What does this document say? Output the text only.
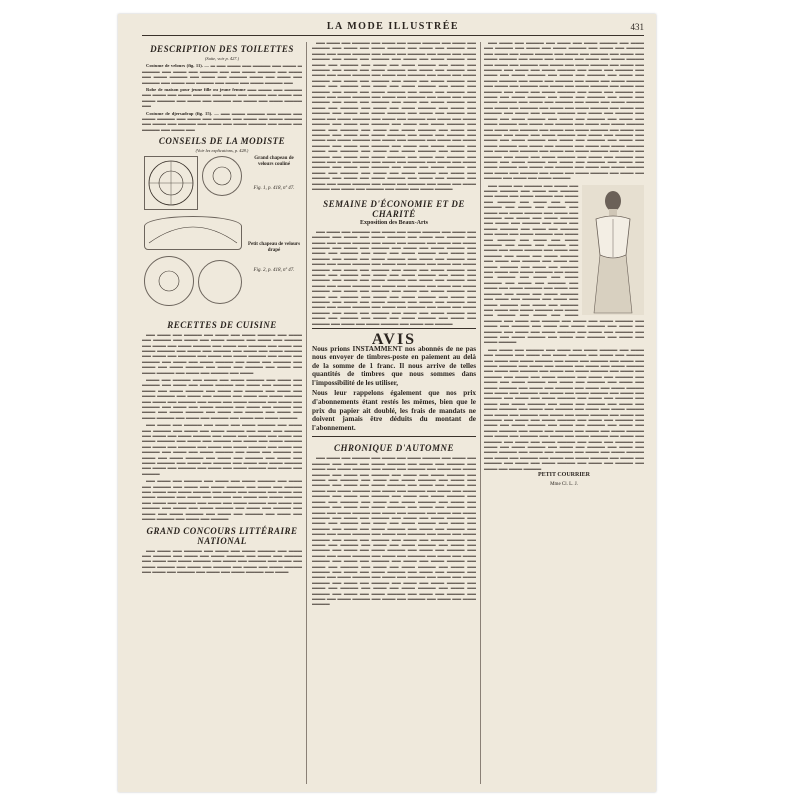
LA MODE ILLUSTRÉE	431
DESCRIPTION DES TOILETTES
(Suite, voir p. 427.)
Costume de velours (fig. 11). — ▬ ▬▬ ▬▬▬ ▬▬ ▬▬▬▬ ▬▬ ▬▬▬ ▬ ▬▬▬▬ ▬▬ ▬▬▬ ▬▬ ▬▬▬▬ ▬▬ ▬▬ ▬▬▬ ▬▬▬▬ ▬▬ ▬▬▬ ▬▬ ▬▬▬ ▬▬▬▬ ▬▬ ▬▬▬ ▬▬ ▬▬▬▬ ▬▬▬ ▬▬ ▬▬▬ ▬▬ ▬▬▬▬ ▬▬ ▬▬▬ ▬▬ ▬▬▬▬ ▬▬ ▬▬▬ ▬▬ ▬▬▬ ▬▬▬▬ ▬▬
Robe de maison pour jeune fille ou jeune femme ▬▬ ▬▬▬ ▬▬ ▬▬▬▬ ▬▬ ▬▬▬ ▬▬ ▬▬▬ ▬▬▬▬ ▬▬ ▬▬▬ ▬▬ ▬▬▬▬ ▬▬ ▬▬▬ ▬▬ ▬▬▬ ▬▬▬▬ ▬▬ ▬▬▬ ▬▬ ▬▬▬▬ ▬▬ ▬▬▬ ▬▬ ▬▬▬ ▬▬▬▬ ▬▬
Costume de djersadrap (fig. 15). — ▬▬ ▬▬▬ ▬▬▬▬ ▬▬ ▬▬▬ ▬▬ ▬▬▬ ▬▬▬▬ ▬▬ ▬▬▬ ▬▬ ▬▬▬▬ ▬▬ ▬▬▬ ▬▬ ▬▬▬ ▬▬▬▬ ▬▬ ▬▬▬ ▬▬ ▬▬▬▬ ▬▬ ▬▬▬ ▬▬ ▬▬▬ ▬▬▬▬ ▬▬ ▬▬▬ ▬▬ ▬▬▬▬ ▬▬ ▬▬▬ ▬▬
CONSEILS DE LA MODISTE
(Voir les explications, p. 428.)
Grand chapeau de velours couliné
Fig. 1, p. 418, nº 47.
Petit chapeau de velours drapé
Fig. 2, p. 418, nº 47.
RECETTES DE CUISINE
▬▬ ▬▬▬ ▬▬ ▬▬▬▬ ▬▬ ▬▬▬ ▬▬ ▬▬▬ ▬▬▬▬ ▬▬ ▬▬▬ ▬▬ ▬▬▬▬ ▬▬ ▬▬▬ ▬▬ ▬▬▬ ▬▬▬▬ ▬▬ ▬▬▬ ▬▬ ▬▬▬▬ ▬▬ ▬▬▬ ▬▬ ▬▬▬ ▬▬▬▬ ▬▬ ▬▬▬ ▬▬ ▬▬▬▬ ▬▬ ▬▬▬ ▬▬ ▬▬▬ ▬▬▬▬ ▬▬ ▬▬▬ ▬▬ ▬▬▬▬ ▬▬ ▬▬▬ ▬▬ ▬▬▬ ▬▬▬▬ ▬▬ ▬▬▬ ▬▬ ▬▬▬▬ ▬▬ ▬▬▬ ▬▬ ▬▬▬ ▬▬▬▬ ▬▬ ▬▬▬ ▬▬ ▬▬▬▬ ▬▬ ▬▬▬ ▬▬ ▬▬▬ ▬▬▬▬ ▬▬ ▬▬▬ ▬▬ ▬▬▬▬ ▬▬ ▬▬▬ ▬▬ ▬▬▬ ▬▬▬▬ ▬▬ ▬▬▬ ▬▬ ▬▬▬▬ ▬▬ ▬▬▬ ▬▬ ▬▬▬ ▬▬▬▬ ▬▬ ▬▬▬ ▬▬ ▬▬▬▬ ▬▬ ▬▬▬
▬▬▬ ▬▬ ▬▬▬▬ ▬▬ ▬▬▬ ▬▬ ▬▬▬ ▬▬▬▬ ▬▬ ▬▬▬ ▬▬ ▬▬▬▬ ▬▬ ▬▬▬ ▬▬ ▬▬▬ ▬▬▬▬ ▬▬ ▬▬▬ ▬▬ ▬▬▬▬ ▬▬ ▬▬▬ ▬▬ ▬▬▬ ▬▬▬▬ ▬▬ ▬▬▬ ▬▬ ▬▬▬▬ ▬▬ ▬▬▬ ▬▬ ▬▬▬ ▬▬▬▬ ▬▬ ▬▬▬ ▬▬ ▬▬▬▬ ▬▬ ▬▬▬ ▬▬ ▬▬▬ ▬▬▬▬ ▬▬ ▬▬▬ ▬▬ ▬▬▬▬ ▬▬ ▬▬▬ ▬▬ ▬▬▬ ▬▬▬▬ ▬▬ ▬▬▬ ▬▬ ▬▬▬▬ ▬▬ ▬▬▬ ▬▬ ▬▬▬ ▬▬▬▬ ▬▬ ▬▬▬ ▬▬ ▬▬▬▬ ▬▬ ▬▬▬ ▬▬ ▬▬▬ ▬▬▬▬ ▬▬ ▬▬▬ ▬▬ ▬▬▬▬ ▬▬ ▬▬▬ ▬▬ ▬▬▬ ▬▬▬▬ ▬▬ ▬▬▬ ▬▬ ▬▬▬▬ ▬▬ ▬▬▬ ▬▬ ▬▬▬ ▬▬▬▬
▬▬ ▬▬▬ ▬▬ ▬▬▬▬ ▬▬ ▬▬▬ ▬▬ ▬▬▬ ▬▬▬▬ ▬▬ ▬▬▬ ▬▬ ▬▬▬▬ ▬▬ ▬▬▬ ▬▬ ▬▬▬ ▬▬▬▬ ▬▬ ▬▬▬ ▬▬ ▬▬▬▬ ▬▬ ▬▬▬ ▬▬ ▬▬▬ ▬▬▬▬ ▬▬ ▬▬▬ ▬▬ ▬▬▬▬ ▬▬ ▬▬▬ ▬▬ ▬▬▬ ▬▬▬▬ ▬▬ ▬▬▬ ▬▬ ▬▬▬▬ ▬▬ ▬▬▬ ▬▬ ▬▬▬ ▬▬▬▬ ▬▬ ▬▬▬ ▬▬ ▬▬▬▬ ▬▬ ▬▬▬ ▬▬ ▬▬▬ ▬▬▬▬ ▬▬ ▬▬▬ ▬▬ ▬▬▬▬ ▬▬ ▬▬▬ ▬▬ ▬▬▬ ▬▬▬▬ ▬▬ ▬▬▬ ▬▬ ▬▬▬▬ ▬▬ ▬▬▬ ▬▬ ▬▬▬ ▬▬▬▬ ▬▬ ▬▬▬ ▬▬ ▬▬▬▬ ▬▬ ▬▬▬ ▬▬ ▬▬▬ ▬▬▬▬ ▬▬ ▬▬▬ ▬▬ ▬▬▬▬ ▬▬ ▬▬▬ ▬▬ ▬▬▬ ▬▬▬▬ ▬▬ ▬▬▬ ▬▬ ▬▬▬▬ ▬▬ ▬▬▬ ▬▬ ▬▬▬ ▬▬▬▬ ▬▬ ▬▬▬ ▬▬ ▬▬▬▬
▬▬ ▬▬▬ ▬▬ ▬▬▬▬ ▬▬ ▬▬▬ ▬▬ ▬▬▬ ▬▬▬▬ ▬▬ ▬▬▬ ▬▬ ▬▬▬▬ ▬▬ ▬▬▬ ▬▬ ▬▬▬ ▬▬▬▬ ▬▬ ▬▬▬ ▬▬ ▬▬▬▬ ▬▬ ▬▬▬ ▬▬ ▬▬▬ ▬▬▬▬ ▬▬ ▬▬▬ ▬▬ ▬▬▬▬ ▬▬ ▬▬▬ ▬▬ ▬▬▬ ▬▬▬▬ ▬▬ ▬▬▬ ▬▬ ▬▬▬▬ ▬▬ ▬▬▬ ▬▬ ▬▬▬ ▬▬▬▬ ▬▬ ▬▬▬ ▬▬ ▬▬▬▬ ▬▬ ▬▬▬ ▬▬ ▬▬▬ ▬▬▬▬ ▬▬ ▬▬▬ ▬▬ ▬▬▬▬ ▬▬ ▬▬▬ ▬▬ ▬▬▬ ▬▬▬▬ ▬▬ ▬▬▬ ▬▬ ▬▬▬▬ ▬▬ ▬▬▬ ▬▬ ▬▬▬ ▬▬▬▬ ▬▬ ▬▬▬ ▬▬ ▬▬▬▬ ▬▬ ▬▬▬ ▬▬ ▬▬▬ ▬▬▬▬ ▬▬ ▬▬▬ ▬▬ ▬▬▬▬
GRAND CONCOURS LITTÉRAIRE NATIONAL
▬▬ ▬▬▬ ▬▬ ▬▬▬▬ ▬▬ ▬▬▬ ▬▬ ▬▬▬ ▬▬▬▬ ▬▬ ▬▬▬ ▬▬ ▬▬▬▬ ▬▬ ▬▬▬ ▬▬ ▬▬▬ ▬▬▬▬ ▬▬ ▬▬▬ ▬▬ ▬▬▬▬ ▬▬ ▬▬▬ ▬▬ ▬▬▬ ▬▬▬▬ ▬▬ ▬▬▬ ▬▬ ▬▬▬▬ ▬▬ ▬▬▬ ▬▬ ▬▬▬ ▬▬▬▬ ▬▬ ▬▬▬ ▬▬ ▬▬▬▬ ▬▬ ▬▬▬ ▬▬ ▬▬▬ ▬▬▬▬ ▬▬ ▬▬▬ ▬▬ ▬▬▬▬ ▬▬ ▬▬▬ ▬▬ ▬▬▬ ▬▬▬▬ ▬▬ ▬▬▬
▬▬ ▬▬▬ ▬▬ ▬▬▬▬ ▬▬ ▬▬▬ ▬▬ ▬▬▬ ▬▬▬▬ ▬▬ ▬▬▬ ▬▬ ▬▬▬▬ ▬▬ ▬▬▬ ▬▬ ▬▬▬ ▬▬▬▬ ▬▬ ▬▬▬ ▬▬ ▬▬▬▬ ▬▬ ▬▬▬ ▬▬ ▬▬▬ ▬▬▬▬ ▬▬ ▬▬▬ ▬▬ ▬▬▬▬ ▬▬ ▬▬▬ ▬▬ ▬▬▬ ▬▬▬▬ ▬▬ ▬▬▬ ▬▬ ▬▬▬▬ ▬▬ ▬▬▬ ▬▬ ▬▬▬ ▬▬▬▬ ▬▬ ▬▬▬ ▬▬ ▬▬▬▬ ▬▬ ▬▬▬ ▬▬ ▬▬▬ ▬▬▬▬ ▬▬ ▬▬▬ ▬▬ ▬▬▬▬ ▬▬ ▬▬▬ ▬▬ ▬▬▬ ▬▬▬▬ ▬▬ ▬▬▬ ▬▬ ▬▬▬▬ ▬▬ ▬▬▬ ▬▬ ▬▬▬ ▬▬▬▬ ▬▬ ▬▬▬ ▬▬ ▬▬▬▬ ▬▬ ▬▬▬ ▬▬ ▬▬▬ ▬▬▬▬ ▬▬ ▬▬▬ ▬▬ ▬▬▬▬ ▬▬ ▬▬▬ ▬▬ ▬▬▬ ▬▬▬▬ ▬▬ ▬▬▬ ▬▬ ▬▬▬▬ ▬▬ ▬▬▬ ▬▬ ▬▬▬ ▬▬▬▬ ▬▬ ▬▬▬ ▬▬ ▬▬▬▬ ▬▬ ▬▬▬ ▬▬ ▬▬▬ ▬▬▬▬ ▬▬ ▬▬▬ ▬▬ ▬▬▬▬ ▬▬ ▬▬▬ ▬▬ ▬▬▬ ▬▬▬▬ ▬▬ ▬▬▬ ▬▬ ▬▬▬▬ ▬▬ ▬▬▬ ▬▬ ▬▬▬ ▬▬▬▬ ▬▬ ▬▬▬ ▬▬ ▬▬▬▬ ▬▬ ▬▬▬ ▬▬ ▬▬▬ ▬▬▬▬ ▬▬ ▬▬▬ ▬▬ ▬▬▬▬ ▬▬ ▬▬▬ ▬▬ ▬▬▬ ▬▬▬▬ ▬▬ ▬▬▬ ▬▬ ▬▬▬▬ ▬▬ ▬▬▬ ▬▬ ▬▬▬ ▬▬▬▬ ▬▬ ▬▬▬ ▬▬ ▬▬▬▬ ▬▬ ▬▬▬ ▬▬ ▬▬▬ ▬▬▬▬ ▬▬ ▬▬▬ ▬▬ ▬▬▬▬ ▬▬ ▬▬▬ ▬▬ ▬▬▬ ▬▬▬▬ ▬▬ ▬▬▬ ▬▬ ▬▬▬▬ ▬▬ ▬▬▬ ▬▬ ▬▬▬ ▬▬▬▬ ▬▬ ▬▬▬ ▬▬ ▬▬▬▬ ▬▬ ▬▬▬ ▬▬ ▬▬▬ ▬▬▬▬ ▬▬ ▬▬▬ ▬▬ ▬▬▬▬ ▬▬ ▬▬▬ ▬▬ ▬▬▬ ▬▬▬▬ ▬▬ ▬▬▬ ▬▬ ▬▬▬▬ ▬▬ ▬▬▬ ▬▬ ▬▬▬ ▬▬▬▬ ▬▬ ▬▬▬ ▬▬ ▬▬▬▬ ▬▬ ▬▬▬ ▬▬ ▬▬▬ ▬▬▬▬ ▬▬ ▬▬▬ ▬▬ ▬▬▬▬ ▬▬ ▬▬▬ ▬▬ ▬▬▬ ▬▬▬▬ ▬▬ ▬▬▬ ▬▬ ▬▬▬▬ ▬▬ ▬▬▬ ▬▬ ▬▬▬ ▬▬▬▬ ▬▬ ▬▬▬ ▬▬ ▬▬▬▬ ▬▬ ▬▬▬ ▬▬ ▬▬▬ ▬▬▬▬ ▬▬ ▬▬▬ ▬▬ ▬▬▬▬ ▬▬ ▬▬▬ ▬▬ ▬▬▬ ▬▬▬▬ ▬▬ ▬▬▬ ▬▬ ▬▬▬▬ ▬▬ ▬▬▬ ▬▬ ▬▬▬ ▬▬▬▬ ▬▬ ▬▬▬ ▬▬ ▬▬▬▬ ▬▬ ▬▬▬ ▬▬ ▬▬▬ ▬▬▬▬ ▬▬ ▬▬▬ ▬▬ ▬▬▬▬ ▬▬ ▬▬▬ ▬▬ ▬▬▬ ▬▬▬▬ ▬▬ ▬▬▬ ▬▬ ▬▬▬▬ ▬▬ ▬▬▬ ▬▬ ▬▬▬ ▬▬▬▬ ▬▬ ▬▬▬ ▬▬ ▬▬▬▬ ▬▬ ▬▬▬ ▬▬ ▬▬▬ ▬▬▬▬ ▬▬ ▬▬▬ ▬▬ ▬▬▬▬ ▬▬ ▬▬▬ ▬▬ ▬▬▬ ▬▬▬▬ ▬▬ ▬▬▬ ▬▬ ▬▬▬▬ ▬▬ ▬▬▬ ▬▬ ▬▬▬ ▬▬▬▬
SEMAINE D'ÉCONOMIE ET DE CHARITÉ
Exposition des Beaux-Arts
▬▬ ▬▬▬ ▬▬ ▬▬▬▬ ▬▬ ▬▬▬ ▬▬ ▬▬▬ ▬▬▬▬ ▬▬ ▬▬▬ ▬▬ ▬▬▬▬ ▬▬ ▬▬▬ ▬▬ ▬▬▬ ▬▬▬▬ ▬▬ ▬▬▬ ▬▬ ▬▬▬▬ ▬▬ ▬▬▬ ▬▬ ▬▬▬ ▬▬▬▬ ▬▬ ▬▬▬ ▬▬ ▬▬▬▬ ▬▬ ▬▬▬ ▬▬ ▬▬▬ ▬▬▬▬ ▬▬ ▬▬▬ ▬▬ ▬▬▬▬ ▬▬ ▬▬▬ ▬▬ ▬▬▬ ▬▬▬▬ ▬▬ ▬▬▬ ▬▬ ▬▬▬▬ ▬▬ ▬▬▬ ▬▬ ▬▬▬ ▬▬▬▬ ▬▬ ▬▬▬ ▬▬ ▬▬▬▬ ▬▬ ▬▬▬ ▬▬ ▬▬▬ ▬▬▬▬ ▬▬ ▬▬▬ ▬▬ ▬▬▬▬ ▬▬ ▬▬▬ ▬▬ ▬▬▬ ▬▬▬▬ ▬▬ ▬▬▬ ▬▬ ▬▬▬▬ ▬▬ ▬▬▬ ▬▬ ▬▬▬ ▬▬▬▬ ▬▬ ▬▬▬ ▬▬ ▬▬▬▬ ▬▬ ▬▬▬ ▬▬ ▬▬▬ ▬▬▬▬ ▬▬ ▬▬▬ ▬▬ ▬▬▬▬ ▬▬ ▬▬▬ ▬▬ ▬▬▬ ▬▬▬▬ ▬▬ ▬▬▬ ▬▬ ▬▬▬▬ ▬▬ ▬▬▬ ▬▬ ▬▬▬ ▬▬▬▬ ▬▬ ▬▬▬ ▬▬ ▬▬▬▬ ▬▬ ▬▬▬ ▬▬ ▬▬▬ ▬▬▬▬ ▬▬ ▬▬▬ ▬▬ ▬▬▬▬ ▬▬ ▬▬▬ ▬▬ ▬▬▬ ▬▬▬▬ ▬▬ ▬▬▬ ▬▬ ▬▬▬▬ ▬▬ ▬▬▬ ▬▬ ▬▬▬ ▬▬▬▬ ▬▬ ▬▬▬ ▬▬ ▬▬▬▬ ▬▬ ▬▬▬ ▬▬ ▬▬▬ ▬▬▬▬ ▬▬ ▬▬▬ ▬▬ ▬▬▬▬ ▬▬ ▬▬▬ ▬▬ ▬▬▬ ▬▬▬▬ ▬▬ ▬▬▬ ▬▬ ▬▬▬▬ ▬▬ ▬▬▬ ▬▬ ▬▬▬ ▬▬▬▬ ▬▬ ▬▬▬ ▬▬ ▬▬▬▬ ▬▬ ▬▬▬ ▬▬ ▬▬▬ ▬▬▬▬ ▬▬ ▬▬▬ ▬▬ ▬▬▬▬ ▬▬ ▬▬▬ ▬▬ ▬▬▬ ▬▬▬▬ ▬▬ ▬▬▬ ▬▬ ▬▬▬▬ ▬▬ ▬▬▬ ▬▬ ▬▬▬ ▬▬▬▬ ▬▬ ▬▬▬ ▬▬ ▬▬▬▬ ▬▬ ▬▬▬ ▬▬ ▬▬▬ ▬▬▬▬ ▬▬ ▬▬▬ ▬▬ ▬▬▬▬
AVIS
Nous prions INSTAMMENT nos abonnés de ne pas nous envoyer de timbres-poste en paiement au delà de la somme de 1 franc. Il nous arrive de telles quantités de timbres que nous sommes dans l'impossibilité de les utiliser,
Nous leur rappelons également que nos prix d'abonnements étant restés les mêmes, bien que le prix du papier ait doublé, les frais de mandats ne doivent jamais être déduits du montant de l'abonnement.
CHRONIQUE D'AUTOMNE
▬▬ ▬▬▬ ▬▬ ▬▬▬▬ ▬▬ ▬▬▬ ▬▬ ▬▬▬ ▬▬▬▬ ▬▬ ▬▬▬ ▬▬ ▬▬▬▬ ▬▬ ▬▬▬ ▬▬ ▬▬▬ ▬▬▬▬ ▬▬ ▬▬▬ ▬▬ ▬▬▬▬ ▬▬ ▬▬▬ ▬▬ ▬▬▬ ▬▬▬▬ ▬▬ ▬▬▬ ▬▬ ▬▬▬▬ ▬▬ ▬▬▬ ▬▬ ▬▬▬ ▬▬▬▬ ▬▬ ▬▬▬ ▬▬ ▬▬▬▬ ▬▬ ▬▬▬ ▬▬ ▬▬▬ ▬▬▬▬ ▬▬ ▬▬▬ ▬▬ ▬▬▬▬ ▬▬ ▬▬▬ ▬▬ ▬▬▬ ▬▬▬▬ ▬▬ ▬▬▬ ▬▬ ▬▬▬▬ ▬▬ ▬▬▬ ▬▬ ▬▬▬ ▬▬▬▬ ▬▬ ▬▬▬ ▬▬ ▬▬▬▬ ▬▬ ▬▬▬ ▬▬ ▬▬▬ ▬▬▬▬ ▬▬ ▬▬▬ ▬▬ ▬▬▬▬ ▬▬ ▬▬▬ ▬▬ ▬▬▬ ▬▬▬▬ ▬▬ ▬▬▬ ▬▬ ▬▬▬▬ ▬▬ ▬▬▬ ▬▬ ▬▬▬ ▬▬▬▬ ▬▬ ▬▬▬ ▬▬ ▬▬▬▬ ▬▬ ▬▬▬ ▬▬ ▬▬▬ ▬▬▬▬ ▬▬ ▬▬▬ ▬▬ ▬▬▬▬ ▬▬ ▬▬▬ ▬▬ ▬▬▬ ▬▬▬▬ ▬▬ ▬▬▬ ▬▬ ▬▬▬▬ ▬▬ ▬▬▬ ▬▬ ▬▬▬ ▬▬▬▬ ▬▬ ▬▬▬ ▬▬ ▬▬▬▬ ▬▬ ▬▬▬ ▬▬ ▬▬▬ ▬▬▬▬ ▬▬ ▬▬▬ ▬▬ ▬▬▬▬ ▬▬ ▬▬▬ ▬▬ ▬▬▬ ▬▬▬▬ ▬▬ ▬▬▬ ▬▬ ▬▬▬▬ ▬▬ ▬▬▬ ▬▬ ▬▬▬ ▬▬▬▬ ▬▬ ▬▬▬ ▬▬ ▬▬▬▬ ▬▬ ▬▬▬ ▬▬ ▬▬▬ ▬▬▬▬ ▬▬ ▬▬▬ ▬▬ ▬▬▬▬ ▬▬ ▬▬▬ ▬▬ ▬▬▬ ▬▬▬▬ ▬▬ ▬▬▬ ▬▬ ▬▬▬▬ ▬▬ ▬▬▬ ▬▬ ▬▬▬ ▬▬▬▬ ▬▬ ▬▬▬ ▬▬ ▬▬▬▬ ▬▬ ▬▬▬ ▬▬ ▬▬▬ ▬▬▬▬ ▬▬ ▬▬▬ ▬▬ ▬▬▬▬ ▬▬ ▬▬▬ ▬▬ ▬▬▬ ▬▬▬▬ ▬▬ ▬▬▬ ▬▬ ▬▬▬▬ ▬▬ ▬▬▬ ▬▬ ▬▬▬ ▬▬▬▬ ▬▬ ▬▬▬ ▬▬ ▬▬▬▬ ▬▬ ▬▬▬ ▬▬ ▬▬▬ ▬▬▬▬ ▬▬ ▬▬▬ ▬▬ ▬▬▬▬ ▬▬ ▬▬▬ ▬▬ ▬▬▬ ▬▬▬▬ ▬▬ ▬▬▬ ▬▬ ▬▬▬▬ ▬▬ ▬▬▬ ▬▬ ▬▬▬ ▬▬▬▬ ▬▬ ▬▬▬ ▬▬ ▬▬▬▬ ▬▬ ▬▬▬ ▬▬ ▬▬▬ ▬▬▬▬ ▬▬ ▬▬▬ ▬▬ ▬▬▬▬ ▬▬ ▬▬▬ ▬▬ ▬▬▬ ▬▬▬▬ ▬▬ ▬▬▬ ▬▬ ▬▬▬▬ ▬▬ ▬▬▬ ▬▬ ▬▬▬ ▬▬▬▬ ▬▬ ▬▬▬ ▬▬ ▬▬▬▬ ▬▬ ▬▬▬ ▬▬ ▬▬▬ ▬▬▬▬ ▬▬ ▬▬▬ ▬▬ ▬▬▬▬ ▬▬ ▬▬▬ ▬▬ ▬▬▬ ▬▬▬▬ ▬▬ ▬▬▬ ▬▬ ▬▬▬▬ ▬▬ ▬▬▬ ▬▬ ▬▬▬ ▬▬▬▬ ▬▬ ▬▬▬ ▬▬ ▬▬▬▬ ▬▬ ▬▬▬ ▬▬ ▬▬▬ ▬▬▬▬ ▬▬ ▬▬▬ ▬▬ ▬▬▬▬ ▬▬ ▬▬▬ ▬▬ ▬▬▬ ▬▬▬▬ ▬▬ ▬▬▬ ▬▬ ▬▬▬▬ ▬▬ ▬▬▬ ▬▬ ▬▬▬ ▬▬▬▬
▬▬ ▬▬▬ ▬▬ ▬▬▬▬ ▬▬ ▬▬▬ ▬▬ ▬▬▬ ▬▬▬▬ ▬▬ ▬▬▬ ▬▬ ▬▬▬▬ ▬▬ ▬▬▬ ▬▬ ▬▬▬ ▬▬▬▬ ▬▬ ▬▬▬ ▬▬ ▬▬▬▬ ▬▬ ▬▬▬ ▬▬ ▬▬▬ ▬▬▬▬ ▬▬ ▬▬▬ ▬▬ ▬▬▬▬ ▬▬ ▬▬▬ ▬▬ ▬▬▬ ▬▬▬▬ ▬▬ ▬▬▬ ▬▬ ▬▬▬▬ ▬▬ ▬▬▬ ▬▬ ▬▬▬ ▬▬▬▬ ▬▬ ▬▬▬ ▬▬ ▬▬▬▬ ▬▬ ▬▬▬ ▬▬ ▬▬▬ ▬▬▬▬ ▬▬ ▬▬▬ ▬▬ ▬▬▬▬ ▬▬ ▬▬▬ ▬▬ ▬▬▬ ▬▬▬▬ ▬▬ ▬▬▬ ▬▬ ▬▬▬▬ ▬▬ ▬▬▬ ▬▬ ▬▬▬ ▬▬▬▬ ▬▬ ▬▬▬ ▬▬ ▬▬▬▬ ▬▬ ▬▬▬ ▬▬ ▬▬▬ ▬▬▬▬ ▬▬ ▬▬▬ ▬▬ ▬▬▬▬ ▬▬ ▬▬▬ ▬▬ ▬▬▬ ▬▬▬▬ ▬▬ ▬▬▬ ▬▬ ▬▬▬▬ ▬▬ ▬▬▬ ▬▬ ▬▬▬ ▬▬▬▬ ▬▬ ▬▬▬ ▬▬ ▬▬▬▬ ▬▬ ▬▬▬ ▬▬ ▬▬▬ ▬▬▬▬ ▬▬ ▬▬▬ ▬▬ ▬▬▬▬ ▬▬ ▬▬▬ ▬▬ ▬▬▬ ▬▬▬▬ ▬▬ ▬▬▬ ▬▬ ▬▬▬▬ ▬▬ ▬▬▬ ▬▬ ▬▬▬ ▬▬▬▬ ▬▬ ▬▬▬ ▬▬ ▬▬▬▬ ▬▬ ▬▬▬ ▬▬ ▬▬▬ ▬▬▬▬ ▬▬ ▬▬▬ ▬▬ ▬▬▬▬ ▬▬ ▬▬▬ ▬▬ ▬▬▬ ▬▬▬▬ ▬▬ ▬▬▬ ▬▬ ▬▬▬▬ ▬▬ ▬▬▬ ▬▬ ▬▬▬ ▬▬▬▬ ▬▬ ▬▬▬ ▬▬ ▬▬▬▬ ▬▬ ▬▬▬ ▬▬ ▬▬▬ ▬▬▬▬ ▬▬ ▬▬▬ ▬▬ ▬▬▬▬ ▬▬ ▬▬▬ ▬▬ ▬▬▬ ▬▬▬▬ ▬▬ ▬▬▬ ▬▬ ▬▬▬▬ ▬▬ ▬▬▬ ▬▬ ▬▬▬ ▬▬▬▬ ▬▬ ▬▬▬ ▬▬ ▬▬▬▬ ▬▬ ▬▬▬ ▬▬ ▬▬▬ ▬▬▬▬ ▬▬ ▬▬▬ ▬▬ ▬▬▬▬ ▬▬ ▬▬▬ ▬▬ ▬▬▬ ▬▬▬▬ ▬▬ ▬▬▬ ▬▬ ▬▬▬▬ ▬▬ ▬▬▬ ▬▬ ▬▬▬ ▬▬▬▬ ▬▬ ▬▬▬ ▬▬ ▬▬▬▬ ▬▬ ▬▬▬ ▬▬ ▬▬▬ ▬▬▬▬ ▬▬ ▬▬▬ ▬▬ ▬▬▬▬ ▬▬ ▬▬▬ ▬▬ ▬▬▬ ▬▬▬▬ ▬▬ ▬▬▬ ▬▬ ▬▬▬▬ ▬▬ ▬▬▬ ▬▬ ▬▬▬ ▬▬▬▬ ▬▬ ▬▬▬ ▬▬ ▬▬▬▬ ▬▬ ▬▬▬ ▬▬ ▬▬▬ ▬▬▬▬ ▬▬ ▬▬▬ ▬▬ ▬▬▬▬ ▬▬ ▬▬▬ ▬▬ ▬▬▬ ▬▬▬▬ ▬▬ ▬▬▬ ▬▬ ▬▬▬▬ ▬▬ ▬▬▬ ▬▬ ▬▬▬ ▬▬▬▬ ▬▬ ▬▬▬ ▬▬ ▬▬▬▬ ▬▬ ▬▬▬ ▬▬ ▬▬▬ ▬▬▬▬ ▬▬ ▬▬▬ ▬▬ ▬▬▬▬ ▬▬ ▬▬▬ ▬▬ ▬▬▬ ▬▬▬▬ ▬▬ ▬▬▬ ▬▬ ▬▬▬▬ ▬▬ ▬▬▬ ▬▬ ▬▬▬ ▬▬▬▬
▬▬ ▬▬▬ ▬▬ ▬▬▬▬ ▬▬ ▬▬▬ ▬▬ ▬▬▬ ▬▬▬▬ ▬▬ ▬▬▬ ▬▬ ▬▬▬▬ ▬▬ ▬▬▬ ▬▬ ▬▬▬ ▬▬▬▬ ▬▬ ▬▬▬ ▬▬ ▬▬▬▬ ▬▬ ▬▬▬ ▬▬ ▬▬▬ ▬▬▬▬ ▬▬ ▬▬▬ ▬▬ ▬▬▬▬ ▬▬ ▬▬▬ ▬▬ ▬▬▬ ▬▬▬▬ ▬▬ ▬▬▬ ▬▬ ▬▬▬▬ ▬▬ ▬▬▬ ▬▬ ▬▬▬ ▬▬▬▬ ▬▬ ▬▬▬ ▬▬ ▬▬▬▬ ▬▬ ▬▬▬ ▬▬ ▬▬▬ ▬▬▬▬ ▬▬ ▬▬▬ ▬▬ ▬▬▬▬ ▬▬ ▬▬▬ ▬▬ ▬▬▬ ▬▬▬▬ ▬▬ ▬▬▬ ▬▬ ▬▬▬▬ ▬▬ ▬▬▬ ▬▬ ▬▬▬ ▬▬▬▬ ▬▬ ▬▬▬ ▬▬ ▬▬▬▬ ▬▬ ▬▬▬ ▬▬ ▬▬▬ ▬▬▬▬ ▬▬ ▬▬▬ ▬▬ ▬▬▬▬ ▬▬ ▬▬▬ ▬▬ ▬▬▬ ▬▬▬▬ ▬▬ ▬▬▬ ▬▬ ▬▬▬▬ ▬▬ ▬▬▬ ▬▬ ▬▬▬ ▬▬▬▬ ▬▬ ▬▬▬ ▬▬ ▬▬▬▬ ▬▬ ▬▬▬ ▬▬ ▬▬▬ ▬▬▬▬ ▬▬ ▬▬▬ ▬▬ ▬▬▬▬ ▬▬ ▬▬▬ ▬▬ ▬▬▬ ▬▬▬▬ ▬▬ ▬▬▬ ▬▬ ▬▬▬▬ ▬▬ ▬▬▬ ▬▬ ▬▬▬ ▬▬▬▬ ▬▬ ▬▬▬ ▬▬ ▬▬▬▬ ▬▬ ▬▬▬ ▬▬ ▬▬▬ ▬▬▬▬ ▬▬ ▬▬▬ ▬▬ ▬▬▬▬ ▬▬ ▬▬▬ ▬▬ ▬▬▬ ▬▬▬▬ ▬▬ ▬▬▬ ▬▬ ▬▬▬▬ ▬▬ ▬▬▬ ▬▬ ▬▬▬ ▬▬▬▬ ▬▬ ▬▬▬ ▬▬ ▬▬▬▬ ▬▬ ▬▬▬ ▬▬ ▬▬▬ ▬▬▬▬ ▬▬ ▬▬▬ ▬▬ ▬▬▬▬ ▬▬ ▬▬▬ ▬▬ ▬▬▬ ▬▬▬▬ ▬▬ ▬▬▬ ▬▬ ▬▬▬▬ ▬▬ ▬▬▬ ▬▬ ▬▬▬ ▬▬▬▬ ▬▬ ▬▬▬ ▬▬ ▬▬▬▬ ▬▬ ▬▬▬ ▬▬ ▬▬▬ ▬▬▬▬ ▬▬ ▬▬▬ ▬▬ ▬▬▬▬ ▬▬ ▬▬▬ ▬▬ ▬▬▬ ▬▬▬▬ ▬▬ ▬▬▬ ▬▬ ▬▬▬▬ ▬▬ ▬▬▬ ▬▬ ▬▬▬ ▬▬▬▬
▬▬ ▬▬▬ ▬▬ ▬▬▬▬ ▬▬ ▬▬▬ ▬▬ ▬▬▬ ▬▬▬▬ ▬▬ ▬▬▬ ▬▬ ▬▬▬▬ ▬▬ ▬▬▬ ▬▬ ▬▬▬ ▬▬▬▬ ▬▬ ▬▬▬ ▬▬ ▬▬▬▬ ▬▬ ▬▬▬ ▬▬ ▬▬▬ ▬▬▬▬ ▬▬ ▬▬▬ ▬▬ ▬▬▬▬ ▬▬ ▬▬▬ ▬▬ ▬▬▬ ▬▬▬▬ ▬▬ ▬▬▬ ▬▬ ▬▬▬▬ ▬▬ ▬▬▬ ▬▬ ▬▬▬ ▬▬▬▬ ▬▬ ▬▬▬ ▬▬ ▬▬▬▬ ▬▬ ▬▬▬ ▬▬ ▬▬▬ ▬▬▬▬ ▬▬ ▬▬▬ ▬▬ ▬▬▬▬ ▬▬ ▬▬▬ ▬▬ ▬▬▬ ▬▬▬▬ ▬▬ ▬▬▬ ▬▬ ▬▬▬▬ ▬▬ ▬▬▬ ▬▬ ▬▬▬ ▬▬▬▬ ▬▬ ▬▬▬ ▬▬ ▬▬▬▬ ▬▬ ▬▬▬ ▬▬ ▬▬▬ ▬▬▬▬ ▬▬ ▬▬▬ ▬▬ ▬▬▬▬ ▬▬ ▬▬▬ ▬▬ ▬▬▬ ▬▬▬▬ ▬▬ ▬▬▬ ▬▬ ▬▬▬▬ ▬▬ ▬▬▬ ▬▬ ▬▬▬ ▬▬▬▬ ▬▬ ▬▬▬ ▬▬ ▬▬▬▬ ▬▬ ▬▬▬ ▬▬ ▬▬▬ ▬▬▬▬ ▬▬ ▬▬▬ ▬▬ ▬▬▬▬ ▬▬ ▬▬▬ ▬▬ ▬▬▬ ▬▬▬▬ ▬▬ ▬▬▬ ▬▬ ▬▬▬▬ ▬▬ ▬▬▬ ▬▬ ▬▬▬ ▬▬▬▬ ▬▬ ▬▬▬ ▬▬ ▬▬▬▬ ▬▬ ▬▬▬ ▬▬ ▬▬▬ ▬▬▬▬ ▬▬ ▬▬▬ ▬▬ ▬▬▬▬ ▬▬ ▬▬▬ ▬▬ ▬▬▬ ▬▬▬▬ ▬▬ ▬▬▬ ▬▬ ▬▬▬▬ ▬▬ ▬▬▬ ▬▬ ▬▬▬ ▬▬▬▬ ▬▬ ▬▬▬ ▬▬ ▬▬▬▬ ▬▬ ▬▬▬ ▬▬ ▬▬▬ ▬▬▬▬ ▬▬ ▬▬▬ ▬▬ ▬▬▬▬ ▬▬ ▬▬▬ ▬▬ ▬▬▬ ▬▬▬▬ ▬▬ ▬▬▬ ▬▬ ▬▬▬▬ ▬▬ ▬▬▬ ▬▬ ▬▬▬ ▬▬▬▬ ▬▬ ▬▬▬ ▬▬ ▬▬▬▬ ▬▬ ▬▬▬ ▬▬ ▬▬▬ ▬▬▬▬ ▬▬ ▬▬▬ ▬▬ ▬▬▬▬ ▬▬ ▬▬▬ ▬▬ ▬▬▬ ▬▬▬▬ ▬▬ ▬▬▬ ▬▬ ▬▬▬▬ ▬▬ ▬▬▬ ▬▬ ▬▬▬ ▬▬▬▬ ▬▬ ▬▬▬ ▬▬ ▬▬▬▬ ▬▬ ▬▬▬ ▬▬ ▬▬▬ ▬▬▬▬ ▬▬ ▬▬▬ ▬▬ ▬▬▬▬ ▬▬ ▬▬▬ ▬▬ ▬▬▬ ▬▬▬▬ ▬▬ ▬▬▬ ▬▬ ▬▬▬▬ ▬▬ ▬▬▬ ▬▬ ▬▬▬ ▬▬▬▬ ▬▬ ▬▬▬ ▬▬ ▬▬▬▬ ▬▬ ▬▬▬ ▬▬ ▬▬▬ ▬▬▬▬ ▬▬ ▬▬▬ ▬▬ ▬▬▬▬ ▬▬ ▬▬▬ ▬▬ ▬▬▬ ▬▬▬▬
PETIT COURRIER
Mme Cl. L. J.
